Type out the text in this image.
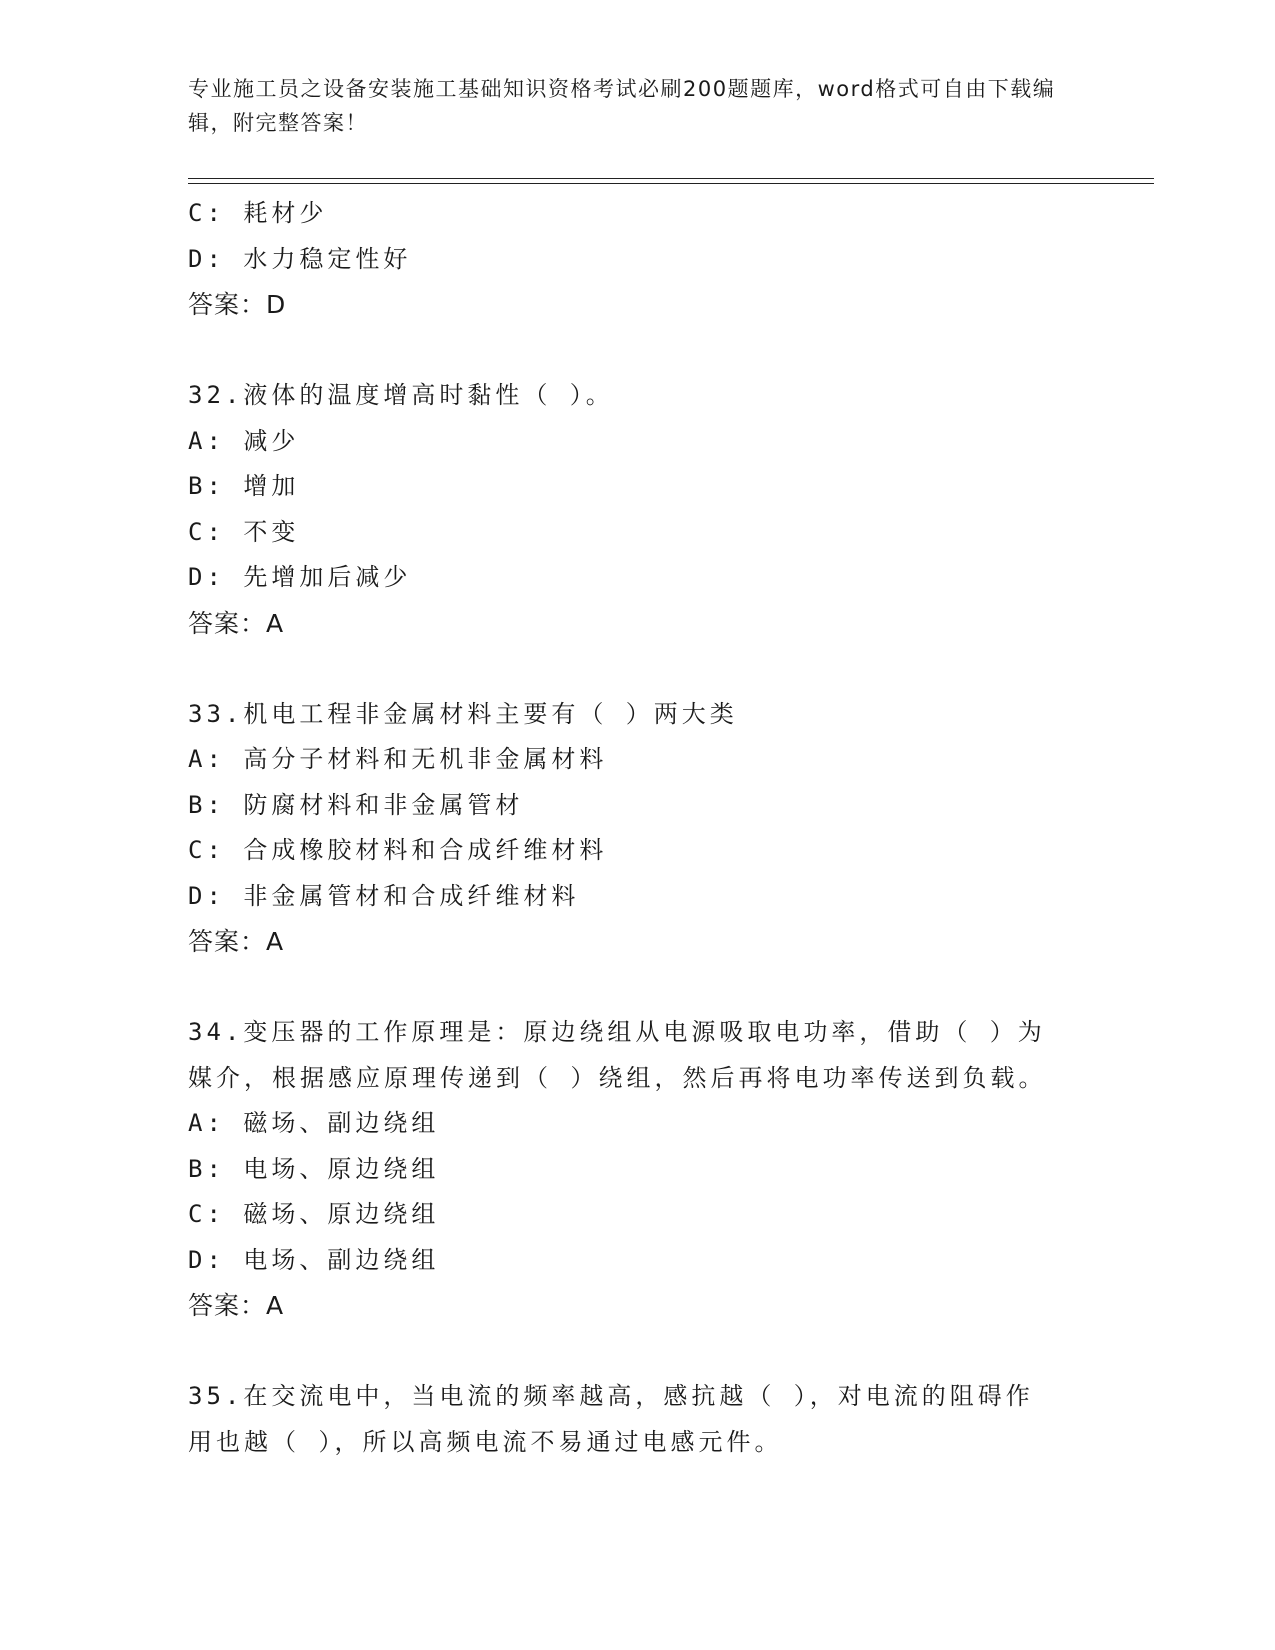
专业施工员之设备安装施工基础知识资格考试必刷200题题库，word格式可自由下载编辑，附完整答案！
C: 耗材少
D: 水力稳定性好
答案：D
32.液体的温度增高时黏性（ ）。
A: 减少
B: 增加
C: 不变
D: 先增加后减少
答案：A
33.机电工程非金属材料主要有（ ）两大类
A: 高分子材料和无机非金属材料
B: 防腐材料和非金属管材
C: 合成橡胶材料和合成纤维材料
D: 非金属管材和合成纤维材料
答案：A
34.变压器的工作原理是：原边绕组从电源吸取电功率，借助（ ）为
媒介，根据感应原理传递到（ ）绕组，然后再将电功率传送到负载。
A: 磁场、副边绕组
B: 电场、原边绕组
C: 磁场、原边绕组
D: 电场、副边绕组
答案：A
35.在交流电中，当电流的频率越高，感抗越（ ），对电流的阻碍作
用也越（ ），所以高频电流不易通过电感元件。
